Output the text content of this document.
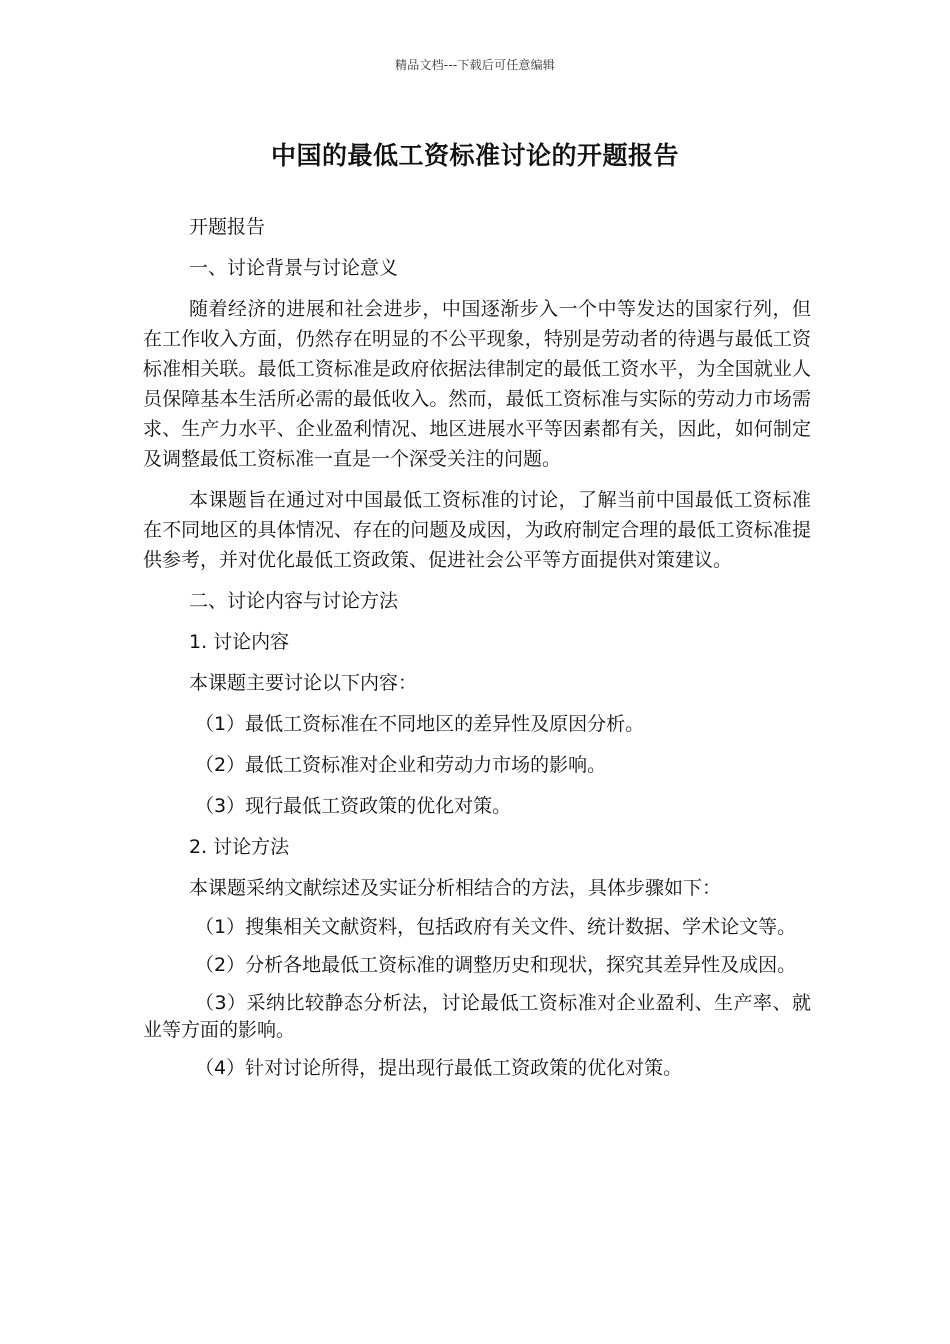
精品文档---下载后可任意编辑
中国的最低工资标准讨论的开题报告
开题报告
一、讨论背景与讨论意义
随着经济的进展和社会进步，中国逐渐步入一个中等发达的国家行列，但在工作收入方面，仍然存在明显的不公平现象，特别是劳动者的待遇与最低工资标准相关联。最低工资标准是政府依据法律制定的最低工资水平，为全国就业人员保障基本生活所必需的最低收入。然而，最低工资标准与实际的劳动力市场需求、生产力水平、企业盈利情况、地区进展水平等因素都有关，因此，如何制定及调整最低工资标准一直是一个深受关注的问题。
本课题旨在通过对中国最低工资标准的讨论，了解当前中国最低工资标准在不同地区的具体情况、存在的问题及成因，为政府制定合理的最低工资标准提供参考，并对优化最低工资政策、促进社会公平等方面提供对策建议。
二、讨论内容与讨论方法
1. 讨论内容
本课题主要讨论以下内容：
（1）最低工资标准在不同地区的差异性及原因分析。
（2）最低工资标准对企业和劳动力市场的影响。
（3）现行最低工资政策的优化对策。
2. 讨论方法
本课题采纳文献综述及实证分析相结合的方法，具体步骤如下：
（1）搜集相关文献资料，包括政府有关文件、统计数据、学术论文等。
（2）分析各地最低工资标准的调整历史和现状，探究其差异性及成因。
（3）采纳比较静态分析法，讨论最低工资标准对企业盈利、生产率、就业等方面的影响。
（4）针对讨论所得，提出现行最低工资政策的优化对策。
